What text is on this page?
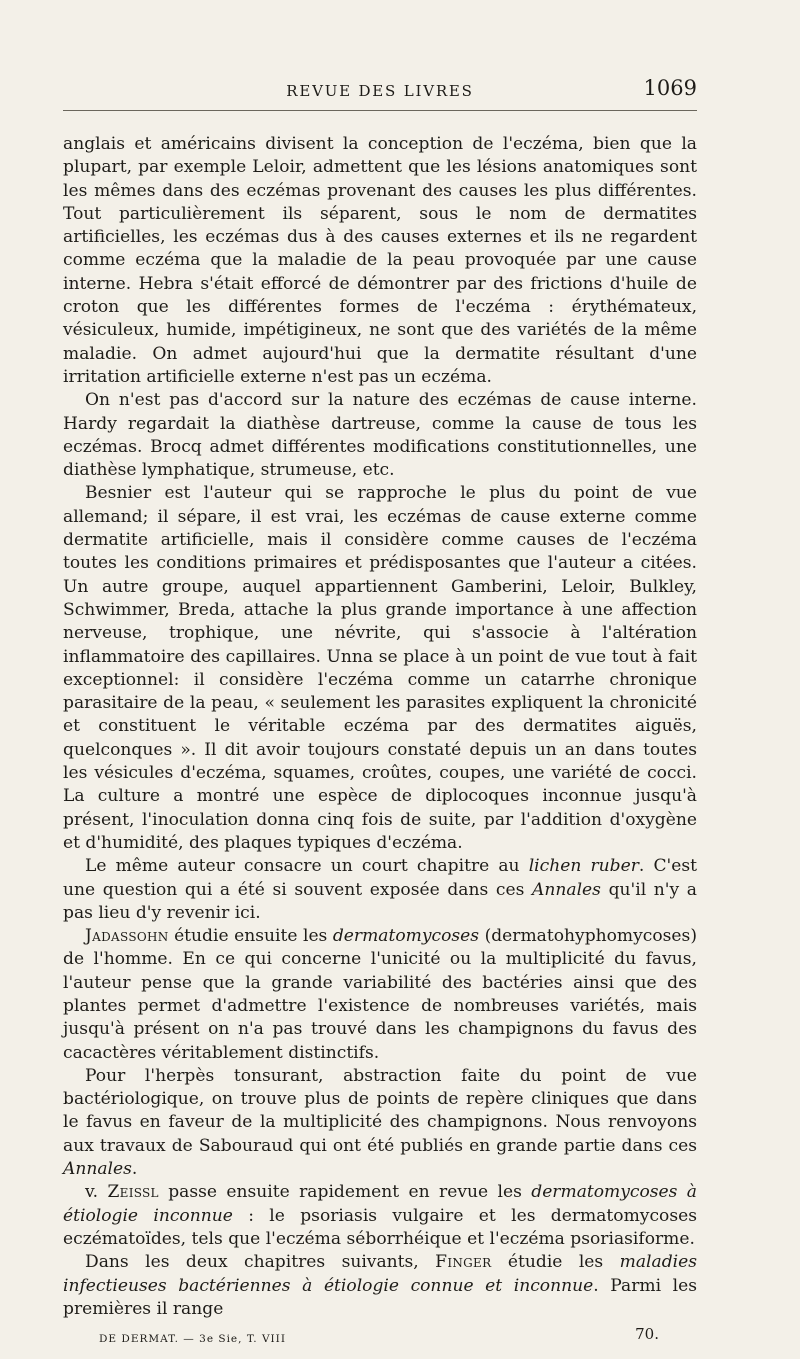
REVUE DES LIVRES	1069

anglais et américains divisent la conception de l'eczéma, bien que la plupart, par exemple Leloir, admettent que les lésions anatomiques sont les mêmes dans des eczémas provenant des causes les plus différentes. Tout particulièrement ils séparent, sous le nom de dermatites artificielles, les eczémas dus à des causes externes et ils ne regardent comme eczéma que la maladie de la peau provoquée par une cause interne. Hebra s'était efforcé de démontrer par des frictions d'huile de croton que les différentes formes de l'eczéma : érythémateux, vésiculeux, humide, impétigineux, ne sont que des variétés de la même maladie. On admet aujourd'hui que la dermatite résultant d'une irritation artificielle externe n'est pas un eczéma.

On n'est pas d'accord sur la nature des eczémas de cause interne. Hardy regardait la diathèse dartreuse, comme la cause de tous les eczémas. Brocq admet différentes modifications constitutionnelles, une diathèse lymphatique, strumeuse, etc.

Besnier est l'auteur qui se rapproche le plus du point de vue allemand; il sépare, il est vrai, les eczémas de cause externe comme dermatite artificielle, mais il considère comme causes de l'eczéma toutes les conditions primaires et prédisposantes que l'auteur a citées. Un autre groupe, auquel appartiennent Gamberini, Leloir, Bulkley, Schwimmer, Breda, attache la plus grande importance à une affection nerveuse, trophique, une névrite, qui s'associe à l'altération inflammatoire des capillaires. Unna se place à un point de vue tout à fait exceptionnel: il considère l'eczéma comme un catarrhe chronique parasitaire de la peau, « seulement les parasites expliquent la chronicité et constituent le véritable eczéma par des dermatites aiguës, quelconques ». Il dit avoir toujours constaté depuis un an dans toutes les vésicules d'eczéma, squames, croûtes, coupes, une variété de cocci. La culture a montré une espèce de diplocoques inconnue jusqu'à présent, l'inoculation donna cinq fois de suite, par l'addition d'oxygène et d'humidité, des plaques typiques d'eczéma.

Le même auteur consacre un court chapitre au lichen ruber. C'est une question qui a été si souvent exposée dans ces Annales qu'il n'y a pas lieu d'y revenir ici.

Jadassohn étudie ensuite les dermatomycoses (dermatohyphomycoses) de l'homme. En ce qui concerne l'unicité ou la multiplicité du favus, l'auteur pense que la grande variabilité des bactéries ainsi que des plantes permet d'admettre l'existence de nombreuses variétés, mais jusqu'à présent on n'a pas trouvé dans les champignons du favus des cacactères véritablement distinctifs.

Pour l'herpès tonsurant, abstraction faite du point de vue bactériologique, on trouve plus de points de repère cliniques que dans le favus en faveur de la multiplicité des champignons. Nous renvoyons aux travaux de Sabouraud qui ont été publiés en grande partie dans ces Annales.

v. Zeissl passe ensuite rapidement en revue les dermatomycoses à étiologie inconnue : le psoriasis vulgaire et les dermatomycoses eczématoïdes, tels que l'eczéma séborrhéique et l'eczéma psoriasiforme.

Dans les deux chapitres suivants, Finger étudie les maladies infectieuses bactériennes à étiologie connue et inconnue. Parmi les premières il range

DE DERMAT. — 3e Sie, T. VIII	70.
